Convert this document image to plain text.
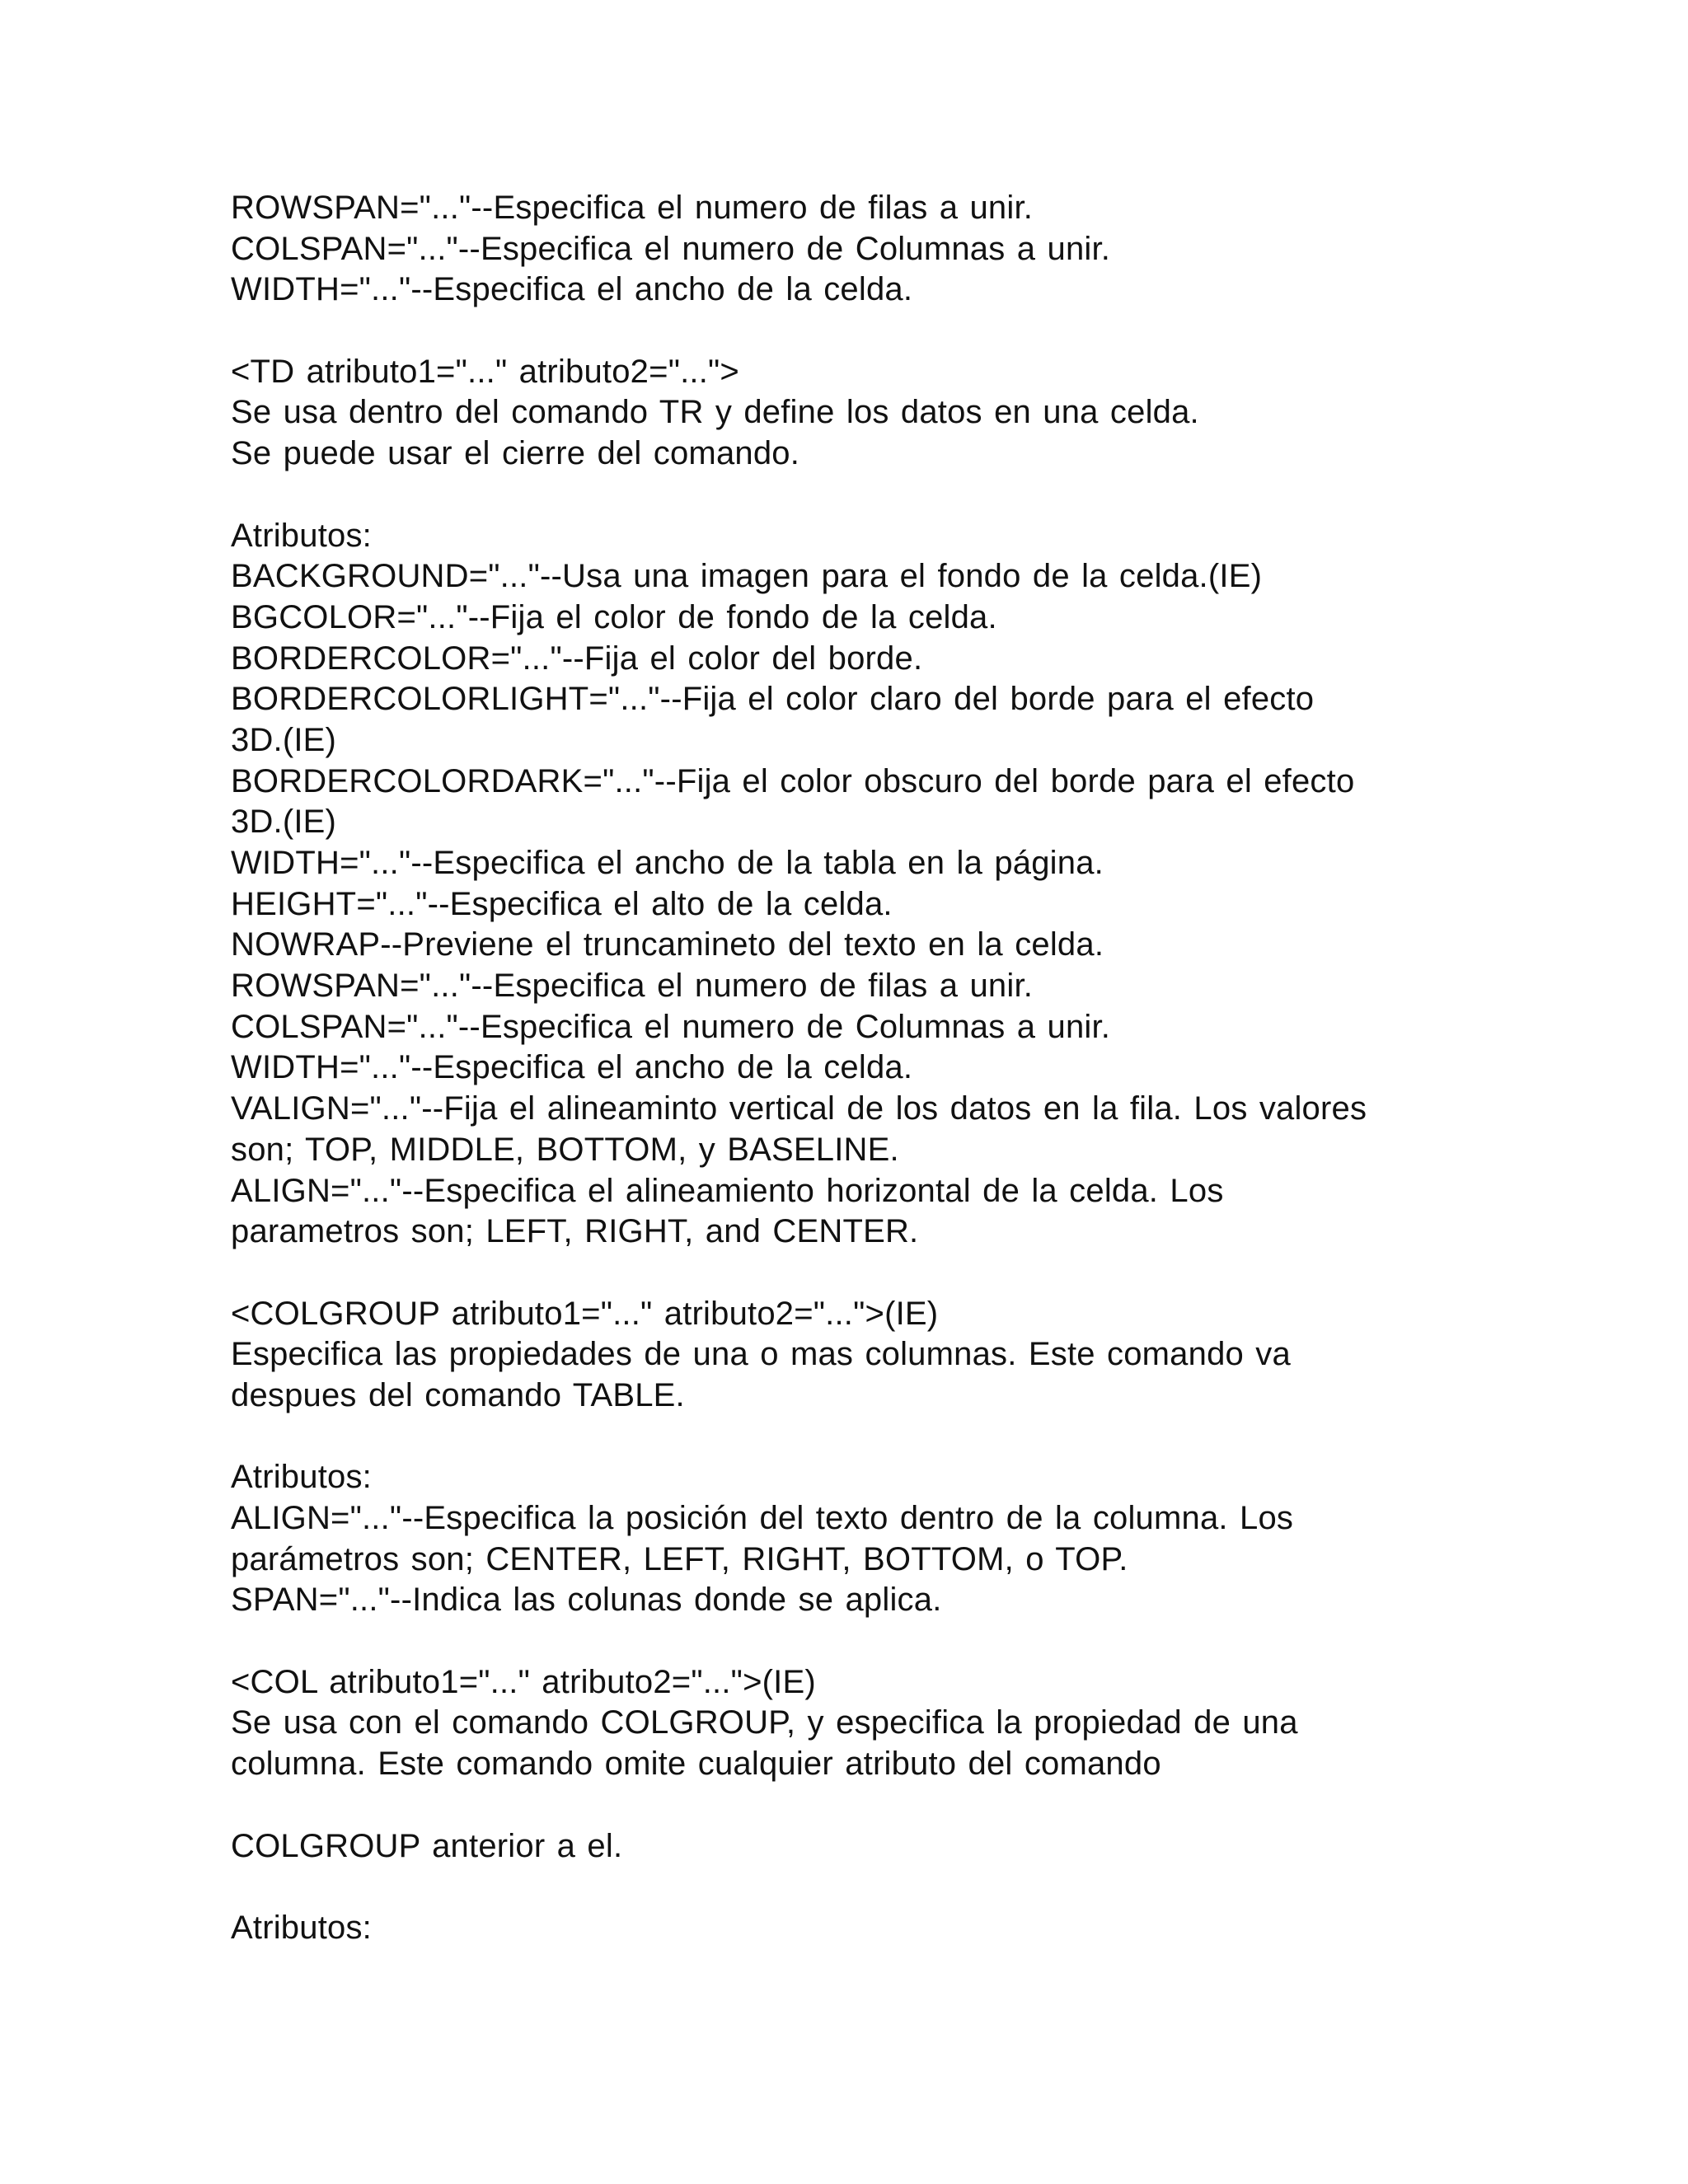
ROWSPAN="..."--Especifica el numero de filas a unir.
COLSPAN="..."--Especifica el numero de Columnas a unir.
WIDTH="..."--Especifica el ancho de la celda.
<TD atributo1="..." atributo2="...">
Se usa dentro del comando TR y define los datos en una celda.
Se puede usar el cierre del comando.
Atributos:
BACKGROUND="..."--Usa una imagen para el fondo de la celda.(IE)
BGCOLOR="..."--Fija el color de fondo de la celda.
BORDERCOLOR="..."--Fija el color del borde.
BORDERCOLORLIGHT="..."--Fija el color claro del borde para el efecto
3D.(IE)
BORDERCOLORDARK="..."--Fija el color obscuro del borde para el efecto
3D.(IE)
WIDTH="..."--Especifica el ancho de la tabla en la página.
HEIGHT="..."--Especifica el alto de la celda.
NOWRAP--Previene el truncamineto del texto en la celda.
ROWSPAN="..."--Especifica el numero de filas a unir.
COLSPAN="..."--Especifica el numero de Columnas a unir.
WIDTH="..."--Especifica el ancho de la celda.
VALIGN="..."--Fija el alineaminto vertical de los datos en la fila. Los valores
son; TOP, MIDDLE, BOTTOM, y BASELINE.
ALIGN="..."--Especifica el alineamiento horizontal de la celda. Los
parametros son; LEFT, RIGHT, and CENTER.
<COLGROUP atributo1="..." atributo2="...">(IE)
Especifica las propiedades de una o mas columnas. Este comando va
despues del comando TABLE.
Atributos:
ALIGN="..."--Especifica la posición del texto dentro de la columna. Los
parámetros son; CENTER, LEFT, RIGHT, BOTTOM, o TOP.
SPAN="..."--Indica las colunas donde se aplica.
<COL atributo1="..." atributo2="...">(IE)
Se usa con el comando COLGROUP, y especifica la propiedad de una
columna. Este comando omite cualquier atributo del comando
COLGROUP anterior a el.
Atributos:
